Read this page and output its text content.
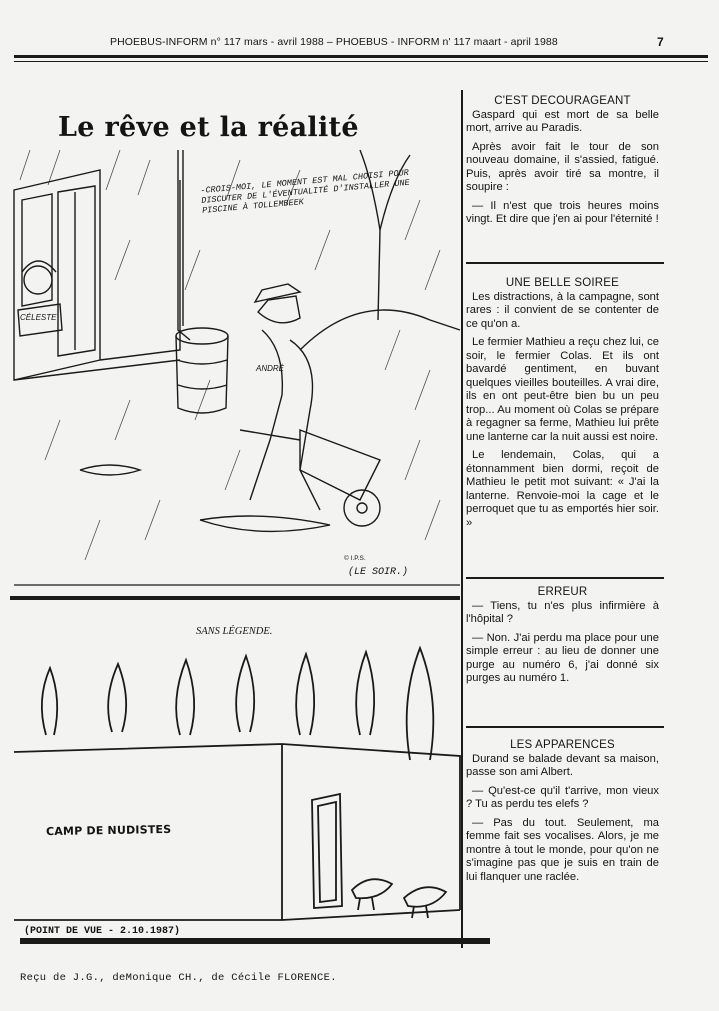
PHOEBUS-INFORM n° 117 mars - avril 1988 – PHOEBUS - INFORM n' 117 maart - april 1988	7
Le rêve et la réalité
-CROIS-MOI, LE MOMENT EST MAL CHOISI POUR DISCUTER DE L'ÉVENTUALITÉ D'INSTALLER UNE PISCINE À TOLLEMBEEK
CÉLESTE
ANDRÉ
© I.P.S.
(LE SOIR.)
SANS LÉGENDE.
CAMP DE NUDISTES
(POINT DE VUE - 2.10.1987)
C'EST DECOURAGEANT

Gaspard qui est mort de sa belle mort, arrive au Paradis.

Après avoir fait le tour de son nouveau domaine, il s'assied, fatigué. Puis, après avoir tiré sa montre, il soupire :

— Il n'est que trois heures moins vingt. Et dire que j'en ai pour l'éternité !

UNE BELLE SOIREE

Les distractions, à la campagne, sont rares : il convient de se contenter de ce qu'on a.

Le fermier Mathieu a reçu chez lui, ce soir, le fermier Colas. Et ils ont bavardé gentiment, en buvant quelques vieilles bouteilles. A vrai dire, ils en ont peut-être bien bu un peu trop... Au moment où Colas se prépare à regagner sa ferme, Mathieu lui prête une lanterne car la nuit aussi est noire.

Le lendemain, Colas, qui a étonnamment bien dormi, reçoit de Mathieu le petit mot suivant: « J'ai la lanterne. Renvoie-moi la cage et le perroquet que tu as emportés hier soir. »

ERREUR

— Tiens, tu n'es plus infirmière à l'hôpital ?

— Non. J'ai perdu ma place pour une simple erreur : au lieu de donner une purge au numéro 6, j'ai donné six purges au numéro 1.

LES APPARENCES

Durand se balade devant sa maison, passe son ami Albert.

— Qu'est-ce qu'il t'arrive, mon vieux ? Tu as perdu tes elefs ?

— Pas du tout. Seulement, ma femme fait ses vocalises. Alors, je me montre à tout le monde, pour qu'on ne s'imagine pas que je suis en train de lui flanquer une raclée.

Reçu de J.G., deMonique CH., de Cécile FLORENCE.
